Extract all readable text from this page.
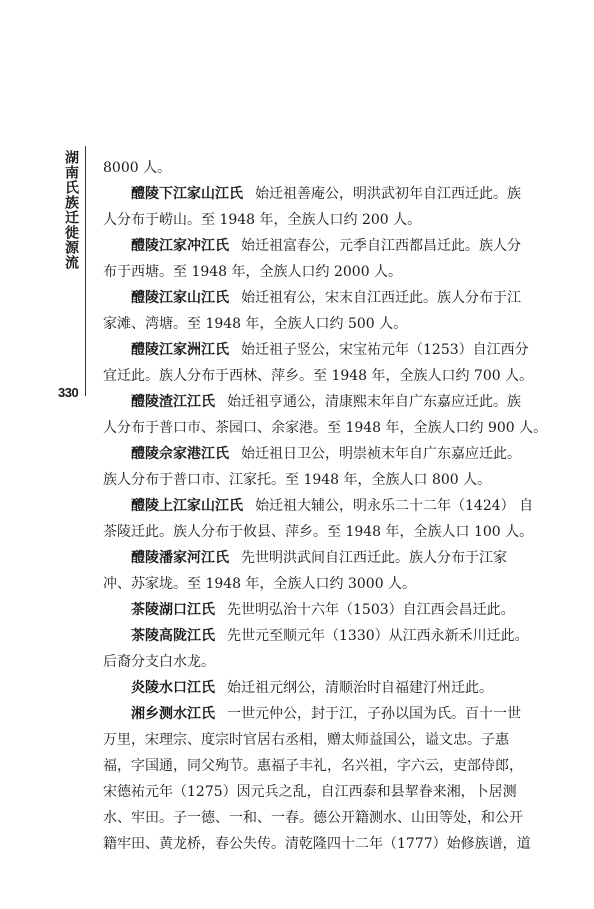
湖南氏族迁徙源流
330
8000 人。
醴陵下江家山江氏 始迁祖善庵公，明洪武初年自江西迁此。族
人分布于崂山。至 1948 年，全族人口约 200 人。
醴陵江家冲江氏 始迁祖富春公，元季自江西都昌迁此。族人分
布于西塘。至 1948 年，全族人口约 2000 人。
醴陵江家山江氏 始迁祖宥公，宋末自江西迁此。族人分布于江
家滩、湾塘。至 1948 年，全族人口约 500 人。
醴陵江家洲江氏 始迁祖子竖公，宋宝祐元年（1253）自江西分
宜迁此。族人分布于西林、萍乡。至 1948 年，全族人口约 700 人。
醴陵渣江江氏 始迁祖亨通公，清康熙末年自广东嘉应迁此。族
人分布于普口市、茶园口、余家港。至 1948 年，全族人口约 900 人。
醴陵佘家港江氏 始迁祖日卫公，明崇祯末年自广东嘉应迁此。
族人分布于普口市、江家托。至 1948 年，全族人口 800 人。
醴陵上江家山江氏 始迁祖大辅公，明永乐二十二年（1424） 自
茶陵迁此。族人分布于攸县、萍乡。至 1948 年，全族人口 100 人。
醴陵潘家河江氏 先世明洪武间自江西迁此。族人分布于江家
冲、苏家垅。至 1948 年，全族人口约 3000 人。
茶陵湖口江氏 先世明弘治十六年（1503）自江西会昌迁此。
茶陵高陇江氏 先世元至顺元年（1330）从江西永新禾川迁此。
后裔分支白水龙。
炎陵水口江氏 始迁祖元纲公，清顺治时自福建汀州迁此。
湘乡测水江氏 一世元仲公，封于江，子孙以国为氏。百十一世
万里，宋理宗、度宗时官居右丞相，赠太师益国公，谥文忠。子惠
福，字国通，同父殉节。惠福子丰礼，名兴祖，字六云，吏部侍郎，
宋德祐元年（1275）因元兵之乱，自江西泰和县挈眷来湘，卜居测
水、牢田。子一德、一和、一春。德公开籍测水、山田等处，和公开
籍牢田、黄龙桥，春公失传。清乾隆四十二年（1777）始修族谱，道
